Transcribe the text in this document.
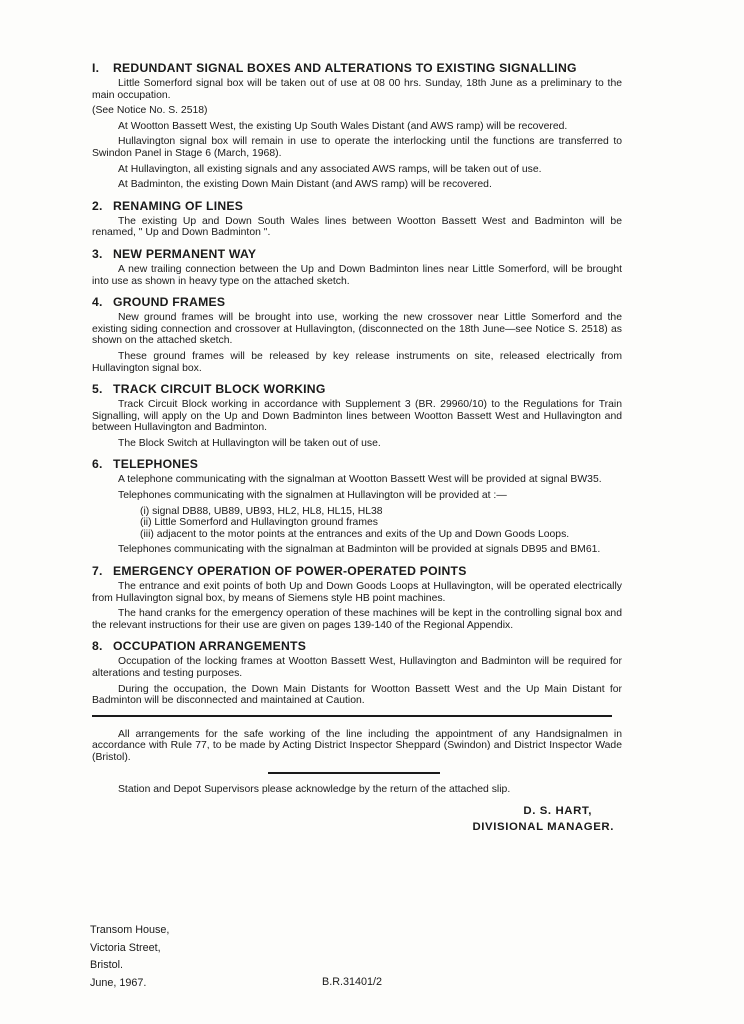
I. REDUNDANT SIGNAL BOXES AND ALTERATIONS TO EXISTING SIGNALLING
Little Somerford signal box will be taken out of use at 08 00 hrs. Sunday, 18th June as a preliminary to the main occupation.
(See Notice No. S. 2518)
At Wootton Bassett West, the existing Up South Wales Distant (and AWS ramp) will be recovered.
Hullavington signal box will remain in use to operate the interlocking until the functions are transferred to Swindon Panel in Stage 6 (March, 1968).
At Hullavington, all existing signals and any associated AWS ramps, will be taken out of use.
At Badminton, the existing Down Main Distant (and AWS ramp) will be recovered.
2. RENAMING OF LINES
The existing Up and Down South Wales lines between Wootton Bassett West and Badminton will be renamed, " Up and Down Badminton ".
3. NEW PERMANENT WAY
A new trailing connection between the Up and Down Badminton lines near Little Somerford, will be brought into use as shown in heavy type on the attached sketch.
4. GROUND FRAMES
New ground frames will be brought into use, working the new crossover near Little Somerford and the existing siding connection and crossover at Hullavington, (disconnected on the 18th June—see Notice S. 2518) as shown on the attached sketch.
These ground frames will be released by key release instruments on site, released electrically from Hullavington signal box.
5. TRACK CIRCUIT BLOCK WORKING
Track Circuit Block working in accordance with Supplement 3 (BR. 29960/10) to the Regulations for Train Signalling, will apply on the Up and Down Badminton lines between Wootton Bassett West and Hullavington and between Hullavington and Badminton.
The Block Switch at Hullavington will be taken out of use.
6. TELEPHONES
A telephone communicating with the signalman at Wootton Bassett West will be provided at signal BW35.
Telephones communicating with the signalmen at Hullavington will be provided at :—
(i) signal DB88, UB89, UB93, HL2, HL8, HL15, HL38
(ii) Little Somerford and Hullavington ground frames
(iii) adjacent to the motor points at the entrances and exits of the Up and Down Goods Loops.
Telephones communicating with the signalman at Badminton will be provided at signals DB95 and BM61.
7. EMERGENCY OPERATION OF POWER-OPERATED POINTS
The entrance and exit points of both Up and Down Goods Loops at Hullavington, will be operated electrically from Hullavington signal box, by means of Siemens style HB point machines.
The hand cranks for the emergency operation of these machines will be kept in the controlling signal box and the relevant instructions for their use are given on pages 139-140 of the Regional Appendix.
8. OCCUPATION ARRANGEMENTS
Occupation of the locking frames at Wootton Bassett West, Hullavington and Badminton will be required for alterations and testing purposes.
During the occupation, the Down Main Distants for Wootton Bassett West and the Up Main Distant for Badminton will be disconnected and maintained at Caution.
All arrangements for the safe working of the line including the appointment of any Handsignalmen in accordance with Rule 77, to be made by Acting District Inspector Sheppard (Swindon) and District Inspector Wade (Bristol).
Station and Depot Supervisors please acknowledge by the return of the attached slip.
D. S. HART,
DIVISIONAL MANAGER.
Transom House,
Victoria Street,
Bristol.
June, 1967.	B.R.31401/2
